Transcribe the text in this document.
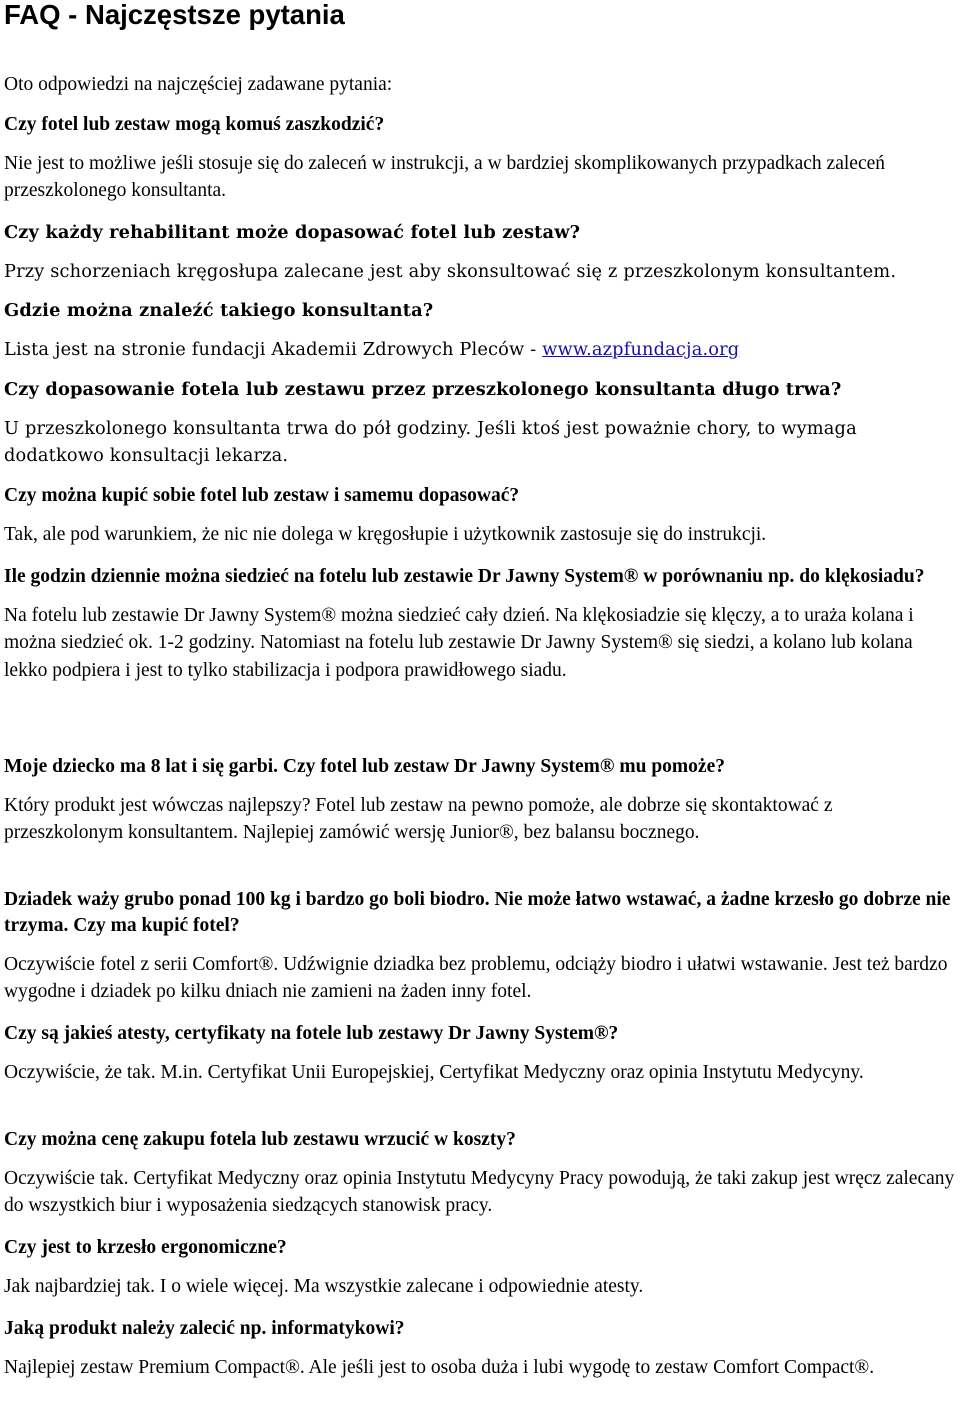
FAQ - Najczęstsze pytania

Oto odpowiedzi na najczęściej zadawane pytania:

Czy fotel lub zestaw mogą komuś zaszkodzić?

Nie jest to możliwe jeśli stosuje się do zaleceń w instrukcji, a w bardziej skomplikowanych przypadkach zaleceń przeszkolonego konsultanta.

Czy każdy rehabilitant może dopasować fotel lub zestaw?

Przy schorzeniach kręgosłupa zalecane jest aby skonsultować się z przeszkolonym konsultantem.

Gdzie można znaleźć takiego konsultanta?

Lista jest na stronie fundacji Akademii Zdrowych Pleców - www.azpfundacja.org

Czy dopasowanie fotela lub zestawu przez przeszkolonego konsultanta długo trwa?

U przeszkolonego konsultanta trwa do pół godziny. Jeśli ktoś jest poważnie chory, to wymaga dodatkowo konsultacji lekarza.

Czy można kupić sobie fotel lub zestaw i samemu dopasować?

Tak, ale pod warunkiem, że nic nie dolega w kręgosłupie i użytkownik zastosuje się do instrukcji.

Ile godzin dziennie można siedzieć na fotelu lub zestawie Dr Jawny System® w porównaniu np. do klękosiadu?

Na fotelu lub zestawie Dr Jawny System® można siedzieć cały dzień. Na klękosiadzie się klęczy, a to uraża kolana i można siedzieć ok. 1-2 godziny. Natomiast na fotelu lub zestawie Dr Jawny System® się siedzi, a kolano lub kolana lekko podpiera i jest to tylko stabilizacja i podpora prawidłowego siadu.

Moje dziecko ma 8 lat i się garbi. Czy fotel lub zestaw Dr Jawny System® mu pomoże?

Który produkt jest wówczas najlepszy? Fotel lub zestaw na pewno pomoże, ale dobrze się skontaktować z przeszkolonym konsultantem. Najlepiej zamówić wersję Junior®, bez balansu bocznego.

Dziadek waży grubo ponad 100 kg i bardzo go boli biodro. Nie może łatwo wstawać, a żadne krzesło go dobrze nie trzyma. Czy ma kupić fotel?

Oczywiście fotel z serii Comfort®. Udźwignie dziadka bez problemu, odciąży biodro i ułatwi wstawanie. Jest też bardzo wygodne i dziadek po kilku dniach nie zamieni na żaden inny fotel.

Czy są jakieś atesty, certyfikaty na fotele lub zestawy Dr Jawny System®?

Oczywiście, że tak. M.in. Certyfikat Unii Europejskiej, Certyfikat Medyczny oraz opinia Instytutu Medycyny.

Czy można cenę zakupu fotela lub zestawu wrzucić w koszty?

Oczywiście tak. Certyfikat Medyczny oraz opinia Instytutu Medycyny Pracy powodują, że taki zakup jest wręcz zalecany do wszystkich biur i wyposażenia siedzących stanowisk pracy.

Czy jest to krzesło ergonomiczne?

Jak najbardziej tak. I o wiele więcej. Ma wszystkie zalecane i odpowiednie atesty.

Jaką produkt należy zalecić np. informatykowi?

Najlepiej zestaw Premium Compact®. Ale jeśli jest to osoba duża i lubi wygodę to zestaw Comfort Compact®.
